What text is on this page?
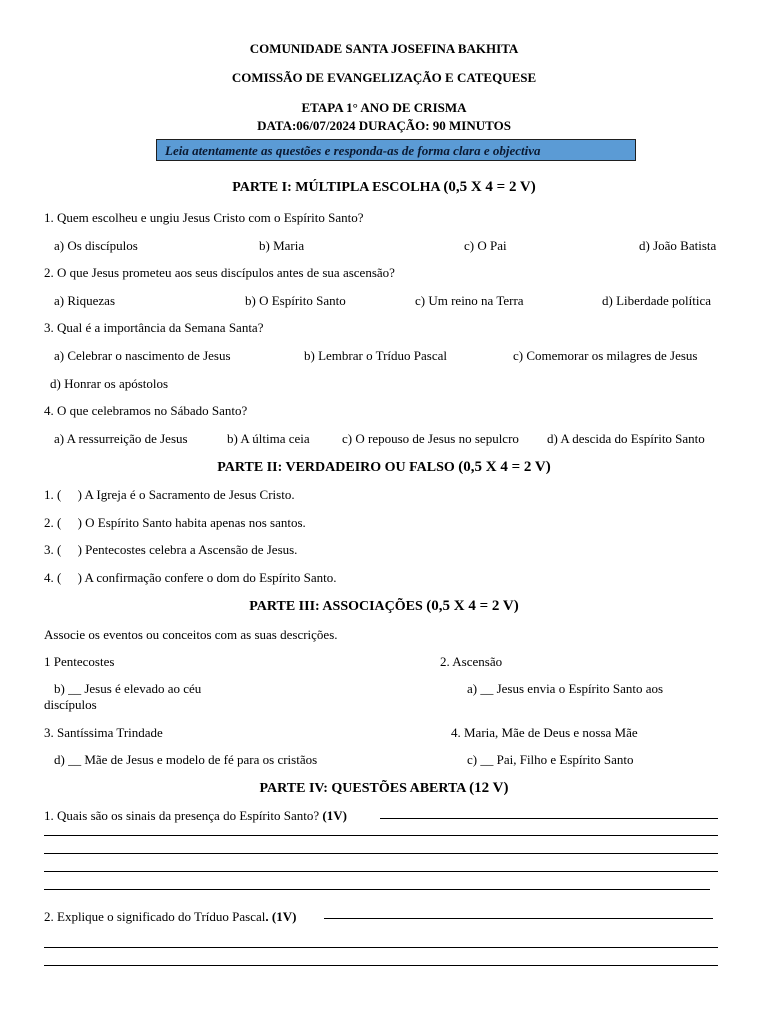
COMUNIDADE SANTA JOSEFINA BAKHITA
COMISSÃO DE EVANGELIZAÇÃO E CATEQUESE
ETAPA 1° ANO DE CRISMA
DATA:06/07/2024 DURAÇÃO: 90 MINUTOS
Leia atentamente as questões e responda-as de forma clara e objectiva
PARTE I: MÚLTIPLA ESCOLHA (0,5 X 4 = 2 V)
1. Quem escolheu e ungiu Jesus Cristo com o Espírito Santo?
a) Os discípulos	b) Maria	c) O Pai	d) João Batista
2. O que Jesus prometeu aos seus discípulos antes de sua ascensão?
a) Riquezas	b) O Espírito Santo	c) Um reino na Terra	d) Liberdade política
3. Qual é a importância da Semana Santa?
a) Celebrar o nascimento de Jesus	b) Lembrar o Tríduo Pascal	c) Comemorar os milagres de Jesus
d) Honrar os apóstolos
4. O que celebramos no Sábado Santo?
a) A ressurreição de Jesus	b) A última ceia c) O repouso de Jesus no sepulcro d) A descida do Espírito Santo
PARTE II: VERDADEIRO OU FALSO (0,5 X 4 = 2 V)
1. ( ) A Igreja é o Sacramento de Jesus Cristo.
2. ( ) O Espírito Santo habita apenas nos santos.
3. ( ) Pentecostes celebra a Ascensão de Jesus.
4. ( ) A confirmação confere o dom do Espírito Santo.
PARTE III: ASSOCIAÇÕES (0,5 X 4 = 2 V)
Associe os eventos ou conceitos com as suas descrições.
1 Pentecostes	2. Ascensão
b) __ Jesus é elevado ao céu	a) __ Jesus envia o Espírito Santo aos
discípulos
3. Santíssima Trindade	4. Maria, Mãe de Deus e nossa Mãe
d) __ Mãe de Jesus e modelo de fé para os cristãos	c) __ Pai, Filho e Espírito Santo
PARTE IV: QUESTÕES ABERTA (12 V)
1. Quais são os sinais da presença do Espírito Santo? (1V)
2. Explique o significado do Tríduo Pascal. (1V)
